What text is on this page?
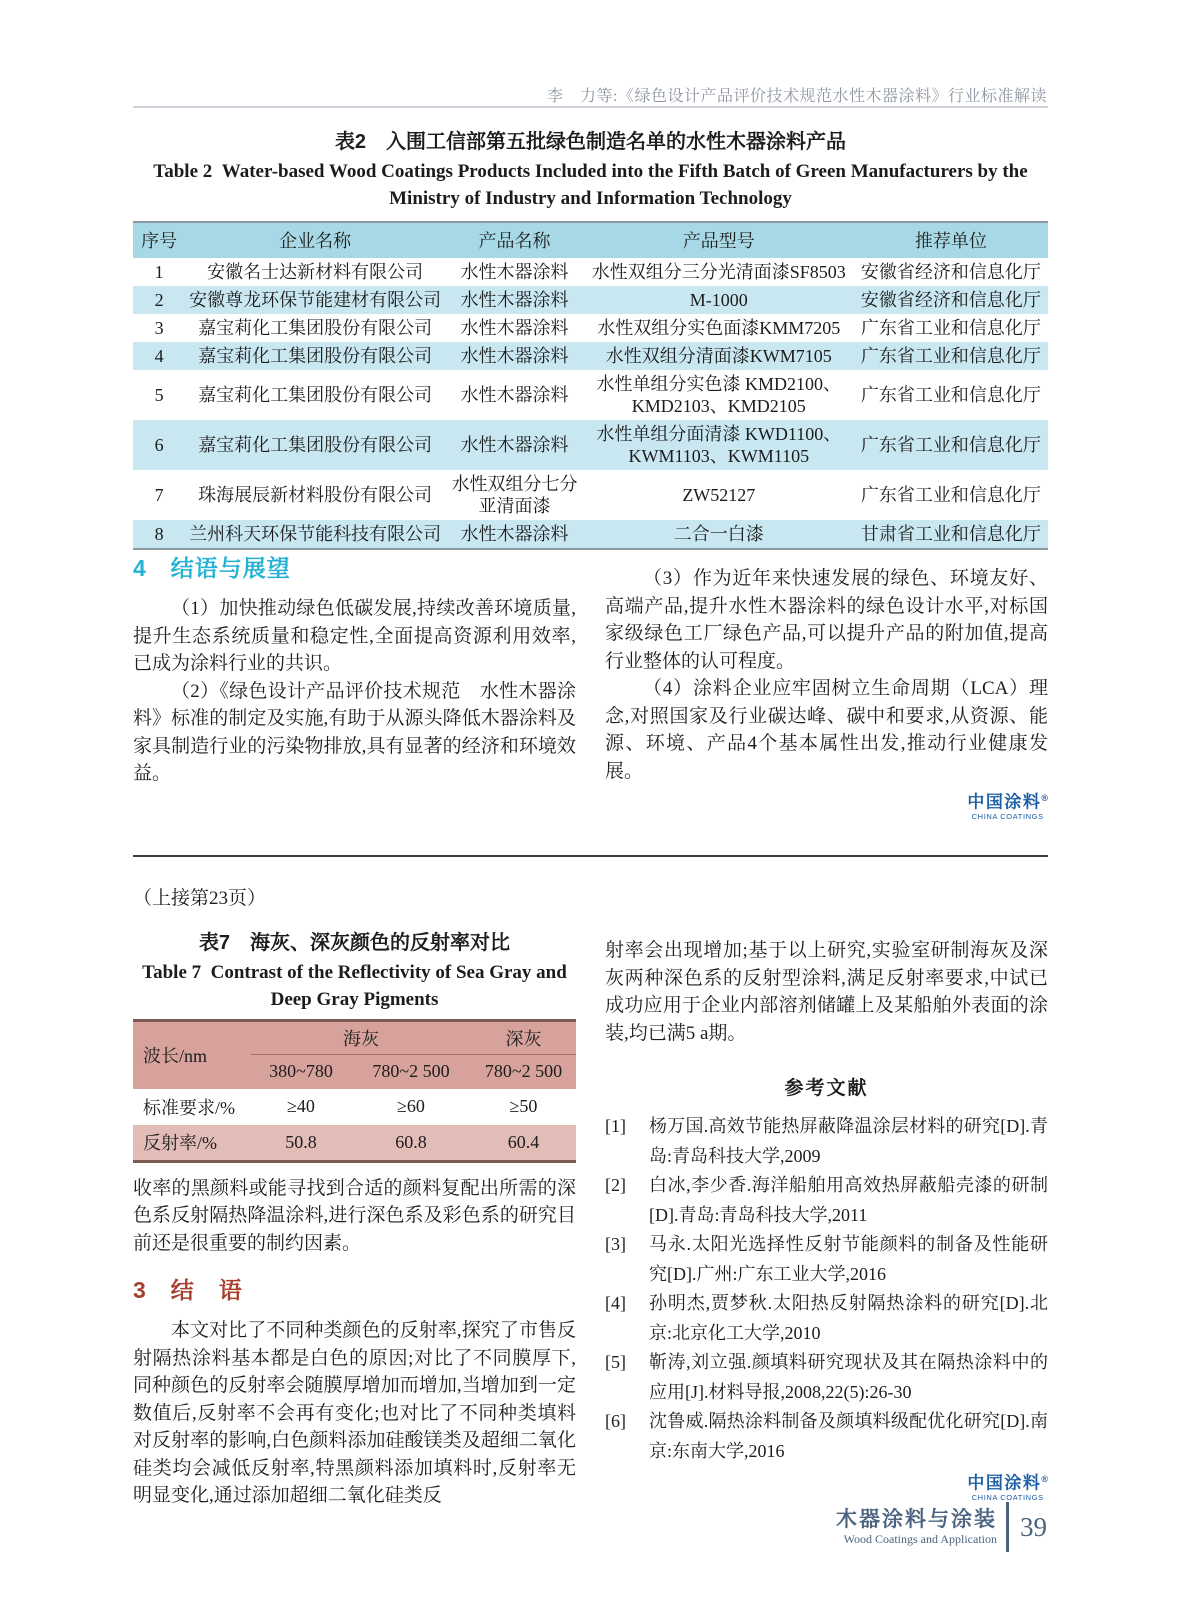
李　力等:《绿色设计产品评价技术规范水性木器涂料》行业标准解读
表2　入围工信部第五批绿色制造名单的水性木器涂料产品
Table 2  Water-based Wood Coatings Products Included into the Fifth Batch of Green Manufacturers by the Ministry of Industry and Information Technology
序号	企业名称	产品名称	产品型号	推荐单位
1	安徽名士达新材料有限公司	水性木器涂料	水性双组分三分光清面漆SF8503	安徽省经济和信息化厅
2	安徽尊龙环保节能建材有限公司	水性木器涂料	M-1000	安徽省经济和信息化厅
3	嘉宝莉化工集团股份有限公司	水性木器涂料	水性双组分实色面漆KMM7205	广东省工业和信息化厅
4	嘉宝莉化工集团股份有限公司	水性木器涂料	水性双组分清面漆KWM7105	广东省工业和信息化厅
5	嘉宝莉化工集团股份有限公司	水性木器涂料	水性单组分实色漆 KMD2100、KMD2103、KMD2105	广东省工业和信息化厅
6	嘉宝莉化工集团股份有限公司	水性木器涂料	水性单组分面清漆 KWD1100、KWM1103、KWM1105	广东省工业和信息化厅
7	珠海展辰新材料股份有限公司	水性双组分七分亚清面漆	ZW52127	广东省工业和信息化厅
8	兰州科天环保节能科技有限公司	水性木器涂料	二合一白漆	甘肃省工业和信息化厅
4　结语与展望

（1）加快推动绿色低碳发展,持续改善环境质量,提升生态系统质量和稳定性,全面提高资源利用效率,已成为涂料行业的共识。

（2）《绿色设计产品评价技术规范　水性木器涂料》标准的制定及实施,有助于从源头降低木器涂料及家具制造行业的污染物排放,具有显著的经济和环境效益。

（3）作为近年来快速发展的绿色、环境友好、高端产品,提升水性木器涂料的绿色设计水平,对标国家级绿色工厂绿色产品,可以提升产品的附加值,提高行业整体的认可程度。

（4）涂料企业应牢固树立生命周期（LCA）理念,对照国家及行业碳达峰、碳中和要求,从资源、能源、环境、产品4个基本属性出发,推动行业健康发展。

中国涂料®
CHINA COATINGS

（上接第23页）

表7　海灰、深灰颜色的反射率对比
Table 7  Contrast of the Reflectivity of Sea Gray and Deep Gray Pigments
波长/nm	海灰		深灰
	380~780	780~2 500	780~2 500
标准要求/%	≥40	≥60	≥50
反射率/%	50.8	60.8	60.4

收率的黑颜料或能寻找到合适的颜料复配出所需的深色系反射隔热降温涂料,进行深色系及彩色系的研究目前还是很重要的制约因素。

3　结　语

本文对比了不同种类颜色的反射率,探究了市售反射隔热涂料基本都是白色的原因;对比了不同膜厚下,同种颜色的反射率会随膜厚增加而增加,当增加到一定数值后,反射率不会再有变化;也对比了不同种类填料对反射率的影响,白色颜料添加硅酸镁类及超细二氧化硅类均会减低反射率,特黑颜料添加填料时,反射率无明显变化,通过添加超细二氧化硅类反

射率会出现增加;基于以上研究,实验室研制海灰及深灰两种深色系的反射型涂料,满足反射率要求,中试已成功应用于企业内部溶剂储罐上及某船舶外表面的涂装,均已满5 a期。

参考文献
[1]	杨万国.高效节能热屏蔽降温涂层材料的研究[D].青岛:青岛科技大学,2009
[2]	白冰,李少香.海洋船舶用高效热屏蔽船壳漆的研制[D].青岛:青岛科技大学,2011
[3]	马永.太阳光选择性反射节能颜料的制备及性能研究[D].广州:广东工业大学,2016
[4]	孙明杰,贾梦秋.太阳热反射隔热涂料的研究[D].北京:北京化工大学,2010
[5]	靳涛,刘立强.颜填料研究现状及其在隔热涂料中的应用[J].材料导报,2008,22(5):26-30
[6]	沈鲁威.隔热涂料制备及颜填料级配优化研究[D].南京:东南大学,2016
中国涂料®
CHINA COATINGS
木器涂料与涂装
Wood Coatings and Application 39
